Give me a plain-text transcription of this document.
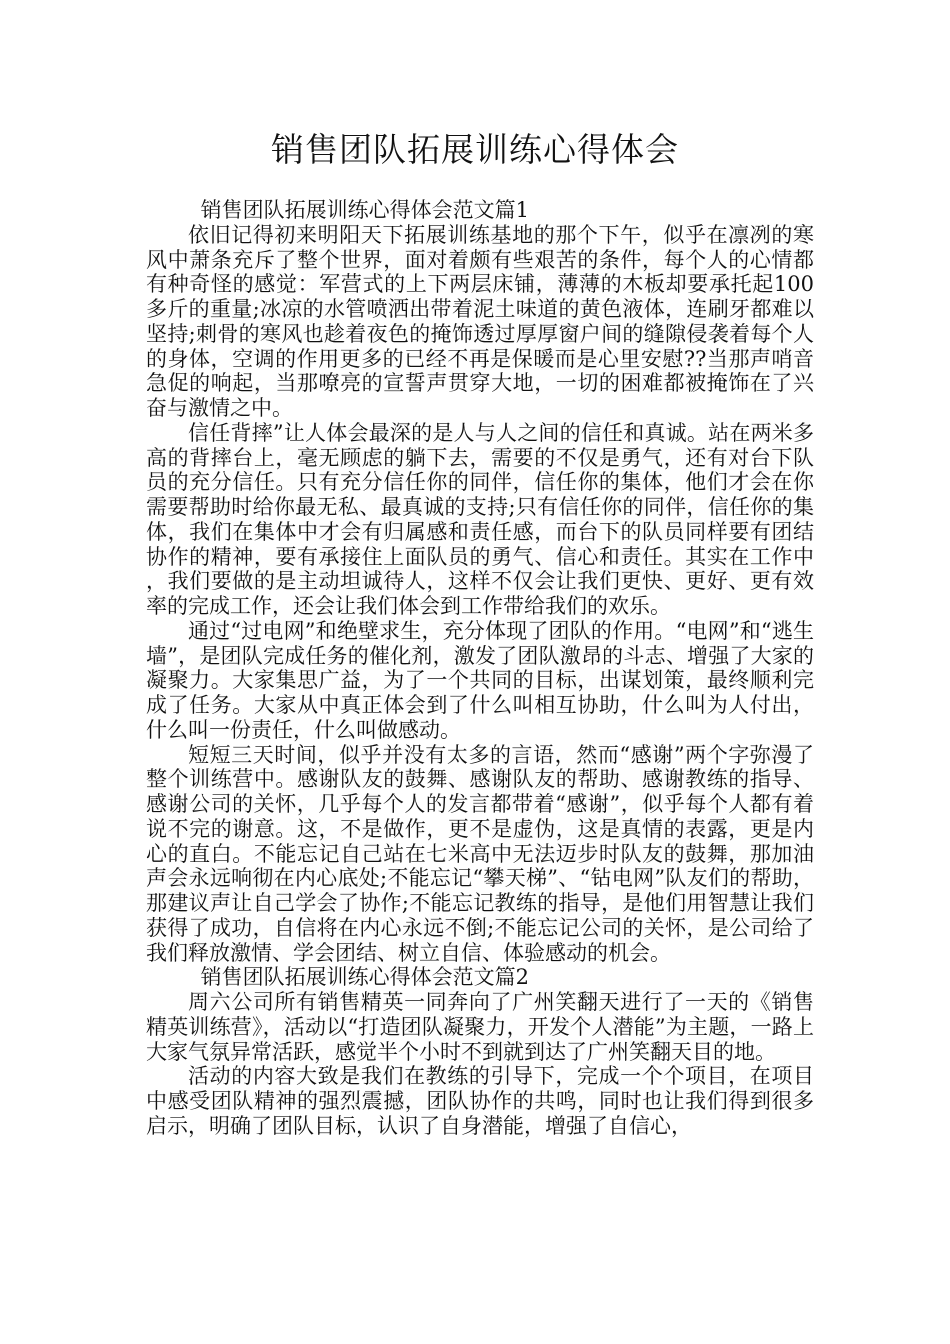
销售团队拓展训练心得体会

销售团队拓展训练心得体会范文篇1

依旧记得初来明阳天下拓展训练基地的那个下午，似乎在凛冽的寒风中萧条充斥了整个世界，面对着颇有些艰苦的条件，每个人的心情都有种奇怪的感觉：军营式的上下两层床铺，薄薄的木板却要承托起100多斤的重量;冰凉的水管喷洒出带着泥土味道的黄色液体，连刷牙都难以坚持;刺骨的寒风也趁着夜色的掩饰透过厚厚窗户间的缝隙侵袭着每个人的身体，空调的作用更多的已经不再是保暖而是心里安慰??当那声哨音急促的响起，当那嘹亮的宣誓声贯穿大地，一切的困难都被掩饰在了兴奋与激情之中。

信任背摔”让人体会最深的是人与人之间的信任和真诚。站在两米多高的背摔台上，毫无顾虑的躺下去，需要的不仅是勇气，还有对台下队员的充分信任。只有充分信任你的同伴，信任你的集体，他们才会在你需要帮助时给你最无私、最真诚的支持;只有信任你的同伴，信任你的集体，我们在集体中才会有归属感和责任感，而台下的队员同样要有团结协作的精神，要有承接住上面队员的勇气、信心和责任。其实在工作中，我们要做的是主动坦诚待人，这样不仅会让我们更快、更好、更有效率的完成工作，还会让我们体会到工作带给我们的欢乐。

通过“过电网”和绝壁求生，充分体现了团队的作用。“电网”和“逃生墙”，是团队完成任务的催化剂，激发了团队激昂的斗志、增强了大家的凝聚力。大家集思广益，为了一个共同的目标，出谋划策，最终顺利完成了任务。大家从中真正体会到了什么叫相互协助，什么叫为人付出，什么叫一份责任，什么叫做感动。

短短三天时间，似乎并没有太多的言语，然而“感谢”两个字弥漫了整个训练营中。感谢队友的鼓舞、感谢队友的帮助、感谢教练的指导、感谢公司的关怀，几乎每个人的发言都带着“感谢”，似乎每个人都有着说不完的谢意。这，不是做作，更不是虚伪，这是真情的表露，更是内心的直白。不能忘记自己站在七米高中无法迈步时队友的鼓舞，那加油声会永远响彻在内心底处;不能忘记“攀天梯”、“钻电网”队友们的帮助，那建议声让自己学会了协作;不能忘记教练的指导，是他们用智慧让我们获得了成功，自信将在内心永远不倒;不能忘记公司的关怀，是公司给了我们释放激情、学会团结、树立自信、体验感动的机会。

销售团队拓展训练心得体会范文篇2

周六公司所有销售精英一同奔向了广州笑翻天进行了一天的《销售精英训练营》，活动以“打造团队凝聚力，开发个人潜能”为主题，一路上大家气氛异常活跃，感觉半个小时不到就到达了广州笑翻天目的地。

活动的内容大致是我们在教练的引导下，完成一个个项目，在项目中感受团队精神的强烈震撼，团队协作的共鸣，同时也让我们得到很多启示，明确了团队目标，认识了自身潜能，增强了自信心，
